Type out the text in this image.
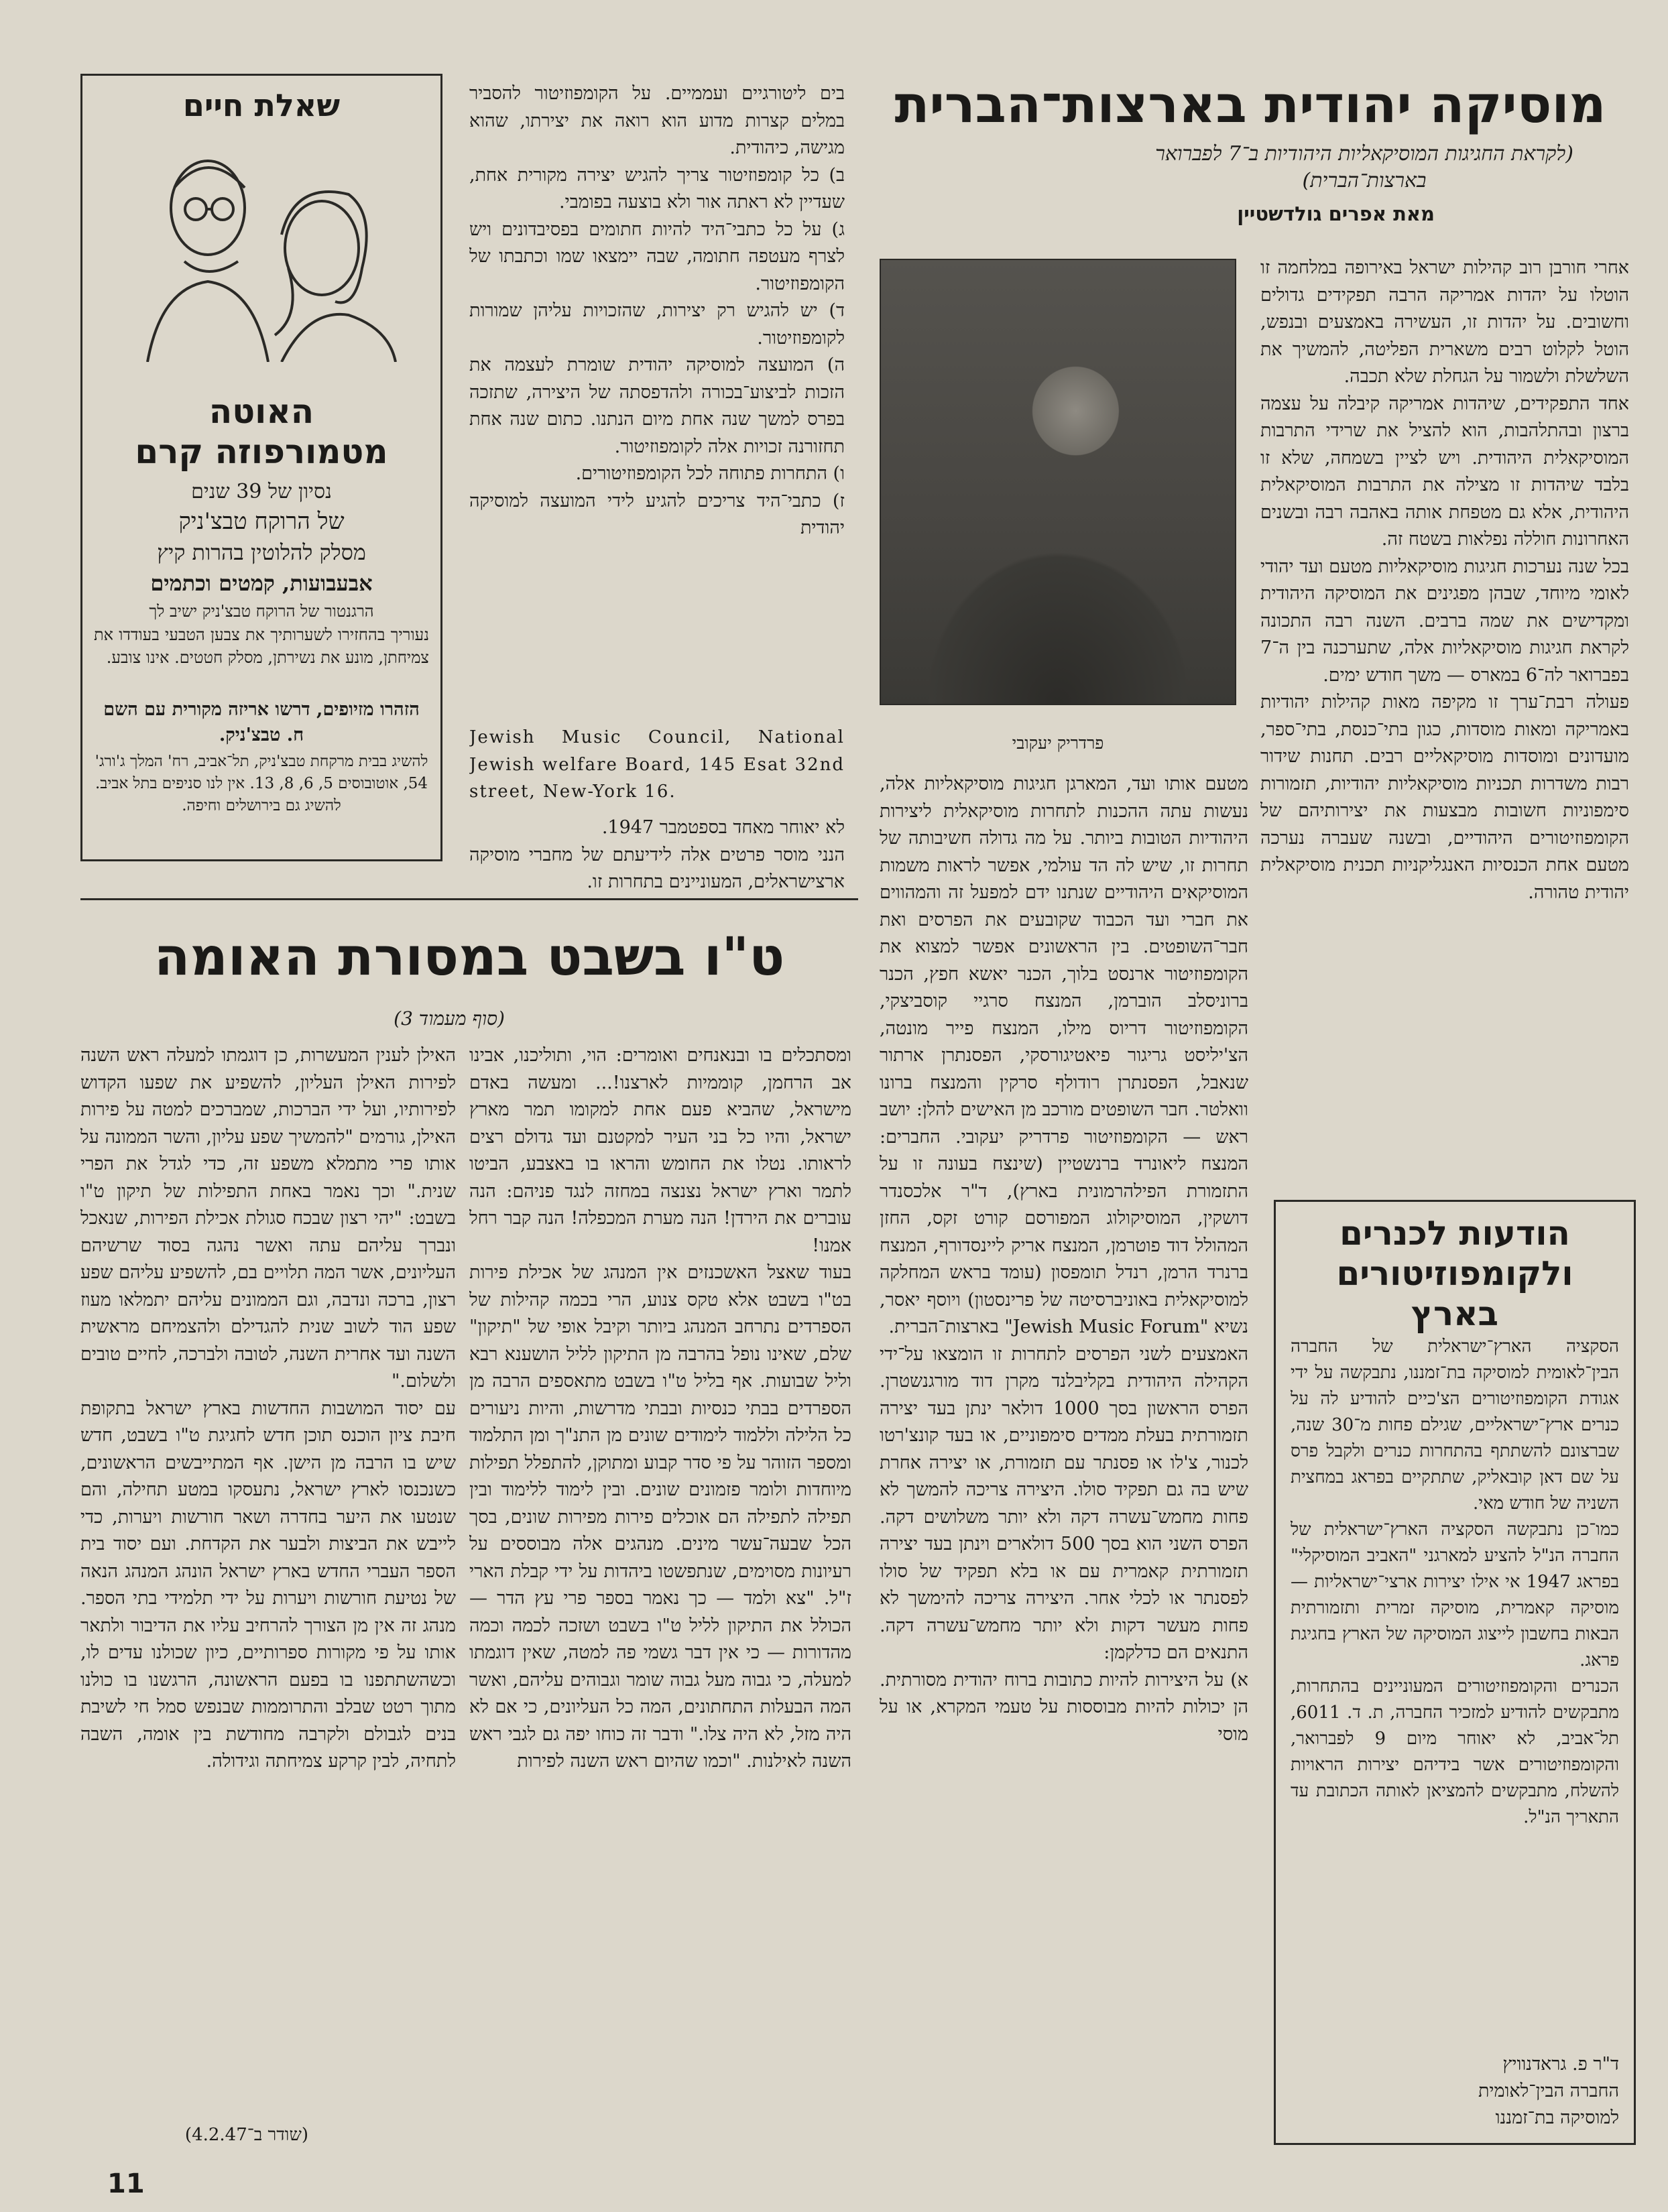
מוסיקה יהודית בארצות־הברית
(לקראת החגיגות המוסיקאליות היהודיות ב־7 לפברואר בארצות־הברית)
מאת אפרים גולדשטיין
אחרי חורבן רוב קהילות ישראל באירופה במלחמה זו הוטלו על יהדות אמריקה הרבה תפקידים גדולים וחשובים. על יהדות זו, העשירה באמצעים ובנפש, הוטל לקלוט רבים משארית הפליטה, להמשיך את השלשלת ולשמור על הגחלת שלא תכבה.
אחד התפקידים, שיהדות אמריקה קיבלה על עצמה ברצון ובהתלהבות, הוא להציל את שרידי התרבות המוסיקאלית היהודית. ויש לציין בשמחה, שלא זו בלבד שיהדות זו מצילה את התרבות המוסיקאלית היהודית, אלא גם מטפחת אותה באהבה רבה ובשנים האחרונות חוללה נפלאות בשטח זה.
בכל שנה נערכות חגיגות מוסיקאליות מטעם ועד יהודי לאומי מיוחד, שבהן מפגינים את המוסיקה היהודית ומקדישים את שמה ברבים. השנה רבה התכונה לקראת חגיגות מוסיקאליות אלה, שתערכנה בין ה־7 בפברואר לה־6 במארס — משך חודש ימים.
פעולה רבת־ערך זו מקיפה מאות קהילות יהודיות באמריקה ומאות מוסדות, כגון בתי־כנסת, בתי־ספר, מועדונים ומוסדות מוסיקאליים רבים. תחנות שידור רבות משדרות תכניות מוסיקאליות יהודיות, תזמורות סימפוניות חשובות מבצעות את יצירותיהם של הקומפוזיטורים היהודיים, ובשנה שעברה נערכה מטעם אחת הכנסיות האנגליקניות תכנית מוסיקאלית יהודית טהורה.
פרדריק יעקובי
מטעם אותו ועד, המארגן חגיגות מוסיקאליות אלה, נעשות עתה ההכנות לתחרות מוסיקאלית ליצירות היהודיות הטובות ביותר. על מה גדולה חשיבותה של תחרות זו, שיש לה הד עולמי, אפשר לראות משמות המוסיקאים היהודיים שנתנו ידם למפעל זה והמהווים את חברי ועד הכבוד שקובעים את הפרסים ואת חבר־השופטים. בין הראשונים אפשר למצוא את הקומפוזיטור ארנסט בלוך, הכנר יאשא חפץ, הכנר ברוניסלב הוברמן, המנצח סרגיי קוסביצקי, הקומפוזיטור דריוס מילו, המנצח פייר מונטה, הצ'יליסט גריגור פיאטיגורסקי, הפסנתרן ארתור שנאבל, הפסנתרן רודולף סרקין והמנצח ברונו וואלטר. חבר השופטים מורכב מן האישים להלן: יושב ראש — הקומפוזיטור פרדריק יעקובי. החברים: המנצח ליאונרד ברנשטיין (שינצח בעונה זו על התזמורת הפילהרמונית בארץ), ד"ר אלכסנדר דושקין, המוסיקולוג המפורסם קורט זקס, החזן המהולל דוד פוטרמן, המנצח אריק ליינסדורף, המנצח ברנרד הרמן, רנדל תומפסון (עומד בראש המחלקה למוסיקאלית באוניברסיטה של פרינסטון) ויוסף יאסר, נשיא "Jewish Music Forum" בארצות־הברית.
האמצעים לשני הפרסים לתחרות זו הומצאו על־ידי הקהילה היהודית בקליבלנד מקרן דוד מורגנשטרן. הפרס הראשון בסך 1000 דולאר ינתן בעד יצירה תזמורתית בעלת ממדים סימפוניים, או בעד קונצ'רטו לכנור, צ'לו או פסנתר עם תזמורת, או יצירה אחרת שיש בה גם תפקיד סולו. היצירה צריכה להמשך לא פחות מחמש־עשרה דקה ולא יותר משלושים דקה. הפרס השני הוא בסך 500 דולארים וינתן בעד יצירה תזמורתית קאמרית עם או בלא תפקיד של סולו לפסנתר או לכלי אחר. היצירה צריכה להימשך לא פחות מעשר דקות ולא יותר מחמש־עשרה דקה. התנאים הם כדלקמן:
א) על היצירות להיות כתובות ברוח יהודית מסורתית. הן יכולות להיות מבוססות על טעמי המקרא, או על מוסי
בים ליטורגיים ועממיים. על הקומפוזיטור להסביר במלים קצרות מדוע הוא רואה את יצירתו, שהוא מגישה, כיהודית.
ב) כל קומפוזיטור צריך להגיש יצירה מקורית אחת, שעדיין לא ראתה אור ולא בוצעה בפומבי.
ג) על כל כתבי־היד להיות חתומים בפסיבדונים ויש לצרף מעטפה חתומה, שבה יימצאו שמו וכתבתו של הקומפוזיטור.
ד) יש להגיש רק יצירות, שהזכויות עליהן שמורות לקומפוזיטור.
ה) המועצה למוסיקה יהודית שומרת לעצמה את הזכות לביצוע־בכורה ולהדפסתה של היצירה, שתזכה בפרס למשך שנה אחת מיום הנתנו. כתום שנה אחת תחזורנה זכויות אלה לקומפוזיטור.
ו) התחרות פתוחה לכל הקומפוזיטורים.
ז) כתבי־היד צריכים להגיע לידי המועצה למוסיקה יהודית
Jewish Music Council, National Jewish welfare Board, 145 Esat 32nd street, New-York 16.
לא יאוחר מאחד בספטמבר 1947.
הנני מוסר פרטים אלה לידיעתם של מחברי מוסיקה ארצישראלים, המעוניינים בתחרות זו.
הודעות לכנרים ולקומפוזיטורים בארץ
הסקציה הארץ־ישראלית של החברה הבין־לאומית למוסיקה בת־זמננו, נתבקשה על ידי אגודת הקומפוזיטורים הצ'כיים להודיע לה על כנרים ארץ־ישראליים, שגילם פחות מ־30 שנה, שברצונם להשתתף בהתחרות כנרים ולקבל פרס על שם דאן קובאליק, שתתקיים בפראג במחצית השניה של חודש מאי.
כמו־כן נתבקשה הסקציה הארץ־ישראלית של החברה הנ"ל להציע למארגני "האביב המוסיקלי" בפראג 1947 אי אילו יצירות ארצי־ישראליות — מוסיקה קאמרית, מוסיקה זמרית ותזמורתית הבאות בחשבון לייצוג המוסיקה של הארץ בחגיגת פראג.
הכנרים והקומפוזיטורים המעוניינים בהתחרות, מתבקשים להודיע למזכיר החברה, ת. ד. 6011, תל־אביב, לא יאוחר מיום 9 לפברואר, והקומפוזיטורים אשר בידיהם יצירות הראויות להשלח, מתבקשים להמציאן לאותה הכתובת עד התאריך הנ"ל.
ד"ר פ. גראדנוויץ
החברה הבין־לאומית
למוסיקה בת־זמננו
שאלת חיים
האוטה
מטמורפוזה קרם
נסיון של 39 שנים
של הרוקח טבצ'ניק
מסלק להלוטין בהרות קיץ
אבעבועות, קמטים וכתמים
הרגנטור של הרוקח טבצ'ניק ישיב לך
נעוריך בהחזירו לשערותיך את צבען הטבעי בעודדו את צמיחתן, מונע את נשירתן, מסלק חטטים. אינו צובע.
הזהרו מזיופים, דרשו אריזה מקורית עם השם ח. טבצ'ניק.
להשיג בבית מרקחת טבצ'ניק, תל־אביב, רח' המלך ג'ורג' 54, אוטובוסים 5, 6, 8, 13. אין לנו סניפים בתל אביב. להשיג גם בירושלים וחיפה.
ט"ו בשבט במסורת האומה
(סוף מעמוד 3)
ומסתכלים בו ובנאנחים ואומרים: הוי, ותוליכנו, אבינו אב הרחמן, קוממיות לארצנו!... ומעשה באדם מישראל, שהביא פעם אחת למקומו תמר מארץ ישראל, והיו כל בני העיר למקטנם ועד גדולם רצים לראותו. נטלו את החומש והראו בו באצבע, הביטו לתמר וארץ ישראל נצנצה במחזה לנגד פניהם: הנה עוברים את הירדן! הנה מערת המכפלה! הנה קבר רחל אמנו!
בעוד שאצל האשכנזים אין המנהג של אכילת פירות בט"ו בשבט אלא טקס צנוע, הרי בכמה קהילות של הספרדים נתרחב המנהג ביותר וקיבל אופי של "תיקון" שלם, שאינו נופל בהרבה מן התיקון לליל הושענא רבא וליל שבועות. אף בליל ט"ו בשבט מתאספים הרבה מן הספרדים בבתי כנסיות ובבתי מדרשות, והיות ניעורים כל הלילה וללמוד לימודים שונים מן התנ"ך ומן התלמוד ומספר הזוהר על פי סדר קבוע ומתוקן, להתפלל תפילות מיוחדות ולומר פזמונים שונים. ובין לימוד ללימוד ובין תפילה לתפילה הם אוכלים פירות מפירות שונים, בסך הכל שבעה־עשר מינים. מנהגים אלה מבוססים על רעיונות מסוימים, שנתפשטו ביהדות על ידי קבלת הארי ז"ל. "צא ולמד — כך נאמר בספר פרי עץ הדר — הכולל את התיקון לליל ט"ו בשבט ושזכה לכמה וכמה מהדורות — כי אין דבר גשמי פה למטה, שאין דוגמתו למעלה, כי גבוה מעל גבוה שומר וגבוהים עליהם, ואשר המה הבעלות התחתונים, המה כל העליונים, כי אם לא היה מזל, לא היה צלו." ודבר זה כוחו יפה גם לגבי ראש השנה לאילנות. "וכמו שהיום ראש השנה לפירות
האילן לענין המעשרות, כן דוגמתו למעלה ראש השנה לפירות האילן העליון, להשפיע את שפעו הקדוש לפירותיו, ועל ידי הברכות, שמברכים למטה על פירות האילן, גורמים "להמשיך שפע עליון, והשר הממונה על אותו פרי מתמלא משפע זה, כדי לגדל את הפרי שנית." וכך נאמר באחת התפילות של תיקון ט"ו בשבט: "יהי רצון שבכח סגולת אכילת הפירות, שנאכל ונברך עליהם עתה ואשר נהגה בסוד שרשיהם העליונים, אשר המה תלויים בם, להשפיע עליהם שפע רצון, ברכה ונדבה, וגם הממונים עליהם יתמלאו מעוז שפע הוד לשוב שנית להגדילם ולהצמיחם מראשית השנה ועד אחרית השנה, לטובה ולברכה, לחיים טובים ולשלום."
עם יסוד המושבות החדשות בארץ ישראל בתקופת חיבת ציון הוכנס תוכן חדש לחגיגת ט"ו בשבט, חדש שיש בו הרבה מן הישן. אף המתייבשים הראשונים, כשנכנסו לארץ ישראל, נתעסקו במטע תחילה, והם שנטעו את היער בחדרה ושאר חורשות ויערות, כדי לייבש את הביצות ולבער את הקדחת. ועם יסוד בית הספר העברי החדש בארץ ישראל הונהג המנהג הנאה של נטיעת חורשות ויערות על ידי תלמידי בתי הספר. מנהג זה אין מן הצורך להרחיב עליו את הדיבור ולתאר אותו על פי מקורות ספרותיים, כיון שכולנו עדים לו, וכשהשתתפנו בו בפעם הראשונה, הרגשנו בו כולנו מתוך רטט שבלב והתרוממות שבנפש סמל חי לשיבת בנים לגבולם ולקרבה מחודשת בין אומה, השבה לתחיה, לבין קרקע צמיחתה וגידולה.
(שודר ב־4.2.47)
11
